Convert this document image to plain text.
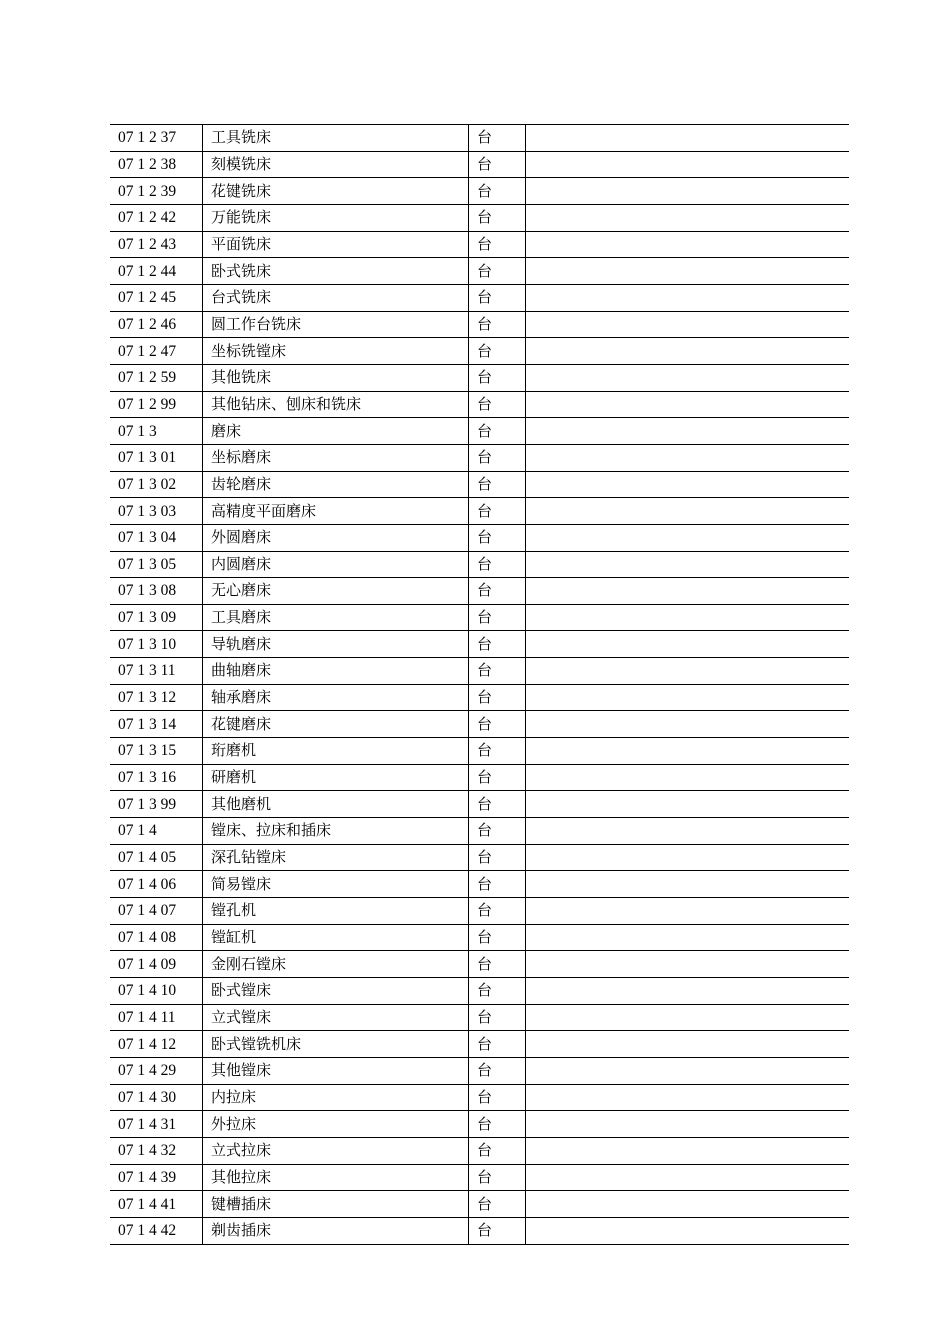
07 1 2 37	工具铣床	台	
07 1 2 38	刻模铣床	台	
07 1 2 39	花键铣床	台	
07 1 2 42	万能铣床	台	
07 1 2 43	平面铣床	台	
07 1 2 44	卧式铣床	台	
07 1 2 45	台式铣床	台	
07 1 2 46	圆工作台铣床	台	
07 1 2 47	坐标铣镗床	台	
07 1 2 59	其他铣床	台	
07 1 2 99	其他钻床、刨床和铣床	台	
07 1 3	磨床	台	
07 1 3 01	坐标磨床	台	
07 1 3 02	齿轮磨床	台	
07 1 3 03	高精度平面磨床	台	
07 1 3 04	外圆磨床	台	
07 1 3 05	内圆磨床	台	
07 1 3 08	无心磨床	台	
07 1 3 09	工具磨床	台	
07 1 3 10	导轨磨床	台	
07 1 3 11	曲轴磨床	台	
07 1 3 12	轴承磨床	台	
07 1 3 14	花键磨床	台	
07 1 3 15	珩磨机	台	
07 1 3 16	研磨机	台	
07 1 3 99	其他磨机	台	
07 1 4	镗床、拉床和插床	台	
07 1 4 05	深孔钻镗床	台	
07 1 4 06	简易镗床	台	
07 1 4 07	镗孔机	台	
07 1 4 08	镗缸机	台	
07 1 4 09	金刚石镗床	台	
07 1 4 10	卧式镗床	台	
07 1 4 11	立式镗床	台	
07 1 4 12	卧式镗铣机床	台	
07 1 4 29	其他镗床	台	
07 1 4 30	内拉床	台	
07 1 4 31	外拉床	台	
07 1 4 32	立式拉床	台	
07 1 4 39	其他拉床	台	
07 1 4 41	键槽插床	台	
07 1 4 42	剃齿插床	台	
